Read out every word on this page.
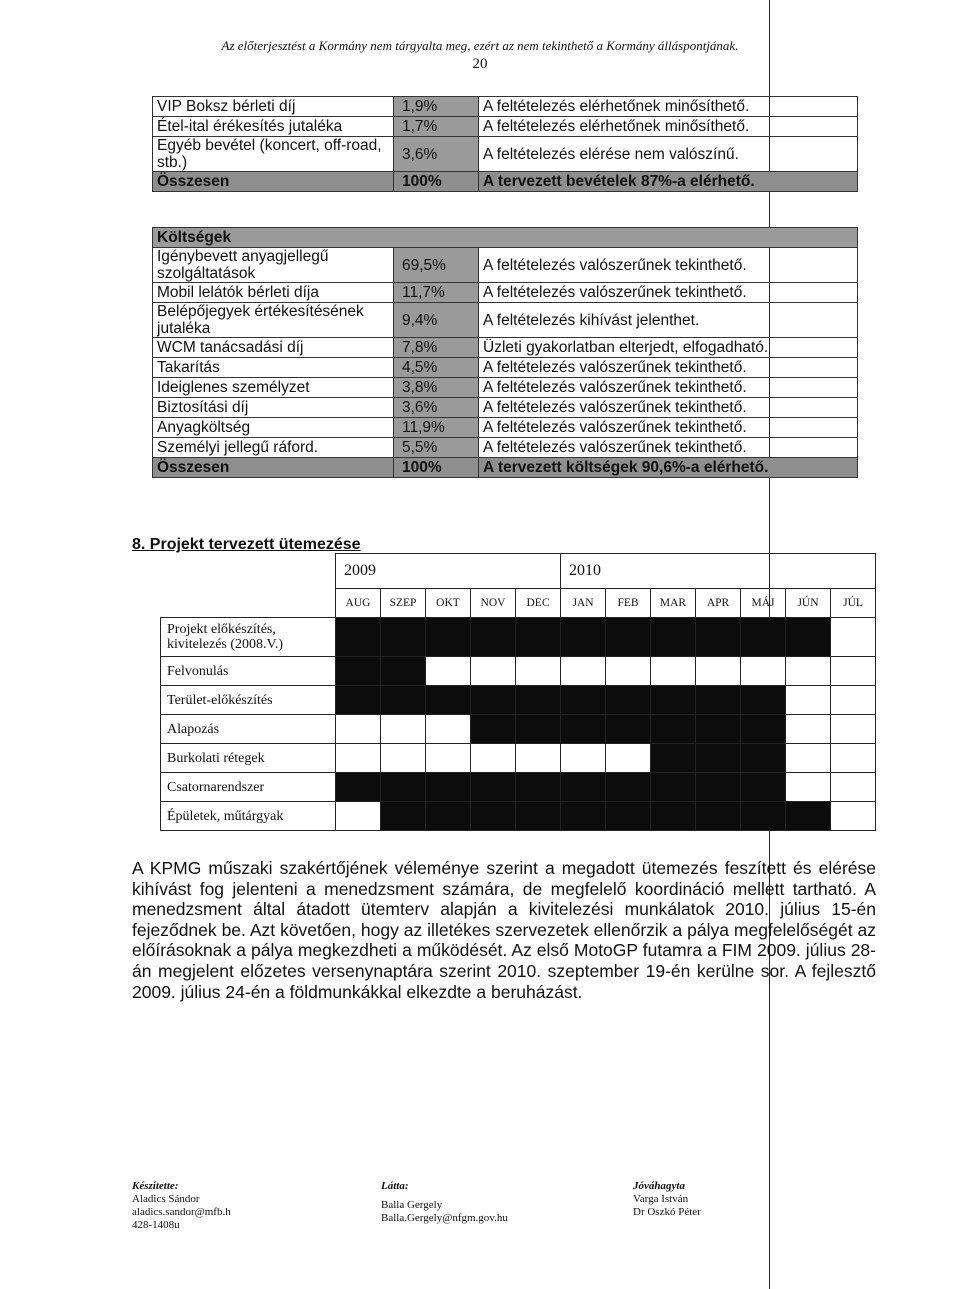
Az előterjesztést a Kormány nem tárgyalta meg, ezért az nem tekinthető a Kormány álláspontjának.
20
VIP Boksz bérleti díj	1,9%	A feltételezés elérhetőnek minősíthető.
Étel-ital érékesítés jutaléka	1,7%	A feltételezés elérhetőnek minősíthető.
Egyéb bevétel (koncert, off-road, stb.)	3,6%	A feltételezés elérése nem valószínű.
Összesen	100%	A tervezett bevételek 87%-a elérhető.
Költségek		
Igénybevett anyagjellegű szolgáltatások	69,5%	A feltételezés valószerűnek tekinthető.
Mobil lelátók bérleti díja	11,7%	A feltételezés valószerűnek tekinthető.
Belépőjegyek értékesítésének jutaléka	9,4%	A feltételezés kihívást jelenthet.
WCM tanácsadási díj	7,8%	Üzleti gyakorlatban elterjedt, elfogadható.
Takarítás	4,5%	A feltételezés valószerűnek tekinthető.
Ideiglenes személyzet	3,8%	A feltételezés valószerűnek tekinthető.
Biztosítási díj	3,6%	A feltételezés valószerűnek tekinthető.
Anyagköltség	11,9%	A feltételezés valószerűnek tekinthető.
Személyi jellegű ráford.	5,5%	A feltételezés valószerűnek tekinthető.
Összesen	100%	A tervezett költségek 90,6%-a elérhető.
8. Projekt tervezett ütemezése
	2009					2010						
	AUG	SZEP	OKT	NOV	DEC	JAN	FEB	MAR	APR	MÁJ	JÚN	JÚL
Projekt előkészítés, kivitelezés (2008.V.)												
Felvonulás												
Terület-előkészítés												
Alapozás												
Burkolati rétegek												
Csatornarendszer												
Épületek, műtárgyak												
A KPMG műszaki szakértőjének véleménye szerint a megadott ütemezés feszített és elérése kihívást fog jelenteni a menedzsment számára, de megfelelő koordináció mellett tartható. A menedzsment által átadott ütemterv alapján a kivitelezési munkálatok 2010. július 15-én fejeződnek be. Azt követően, hogy az illetékes szervezetek ellenőrzik a pálya megfelelőségét az előírásoknak a pálya megkezdheti a működését. Az első MotoGP futamra a FIM 2009. július 28-án megjelent előzetes versenynaptára szerint 2010. szeptember 19-én kerülne sor. A fejlesztő 2009. július 24-én a földmunkákkal elkezdte a beruházást.
Készítette:
Aladics Sándor
aladics.sandor@mfb.h
428-1408u
Látta:
Balla Gergely
Balla.Gergely@nfgm.gov.hu
Jóváhagyta
Varga István
Dr Oszkó Péter
